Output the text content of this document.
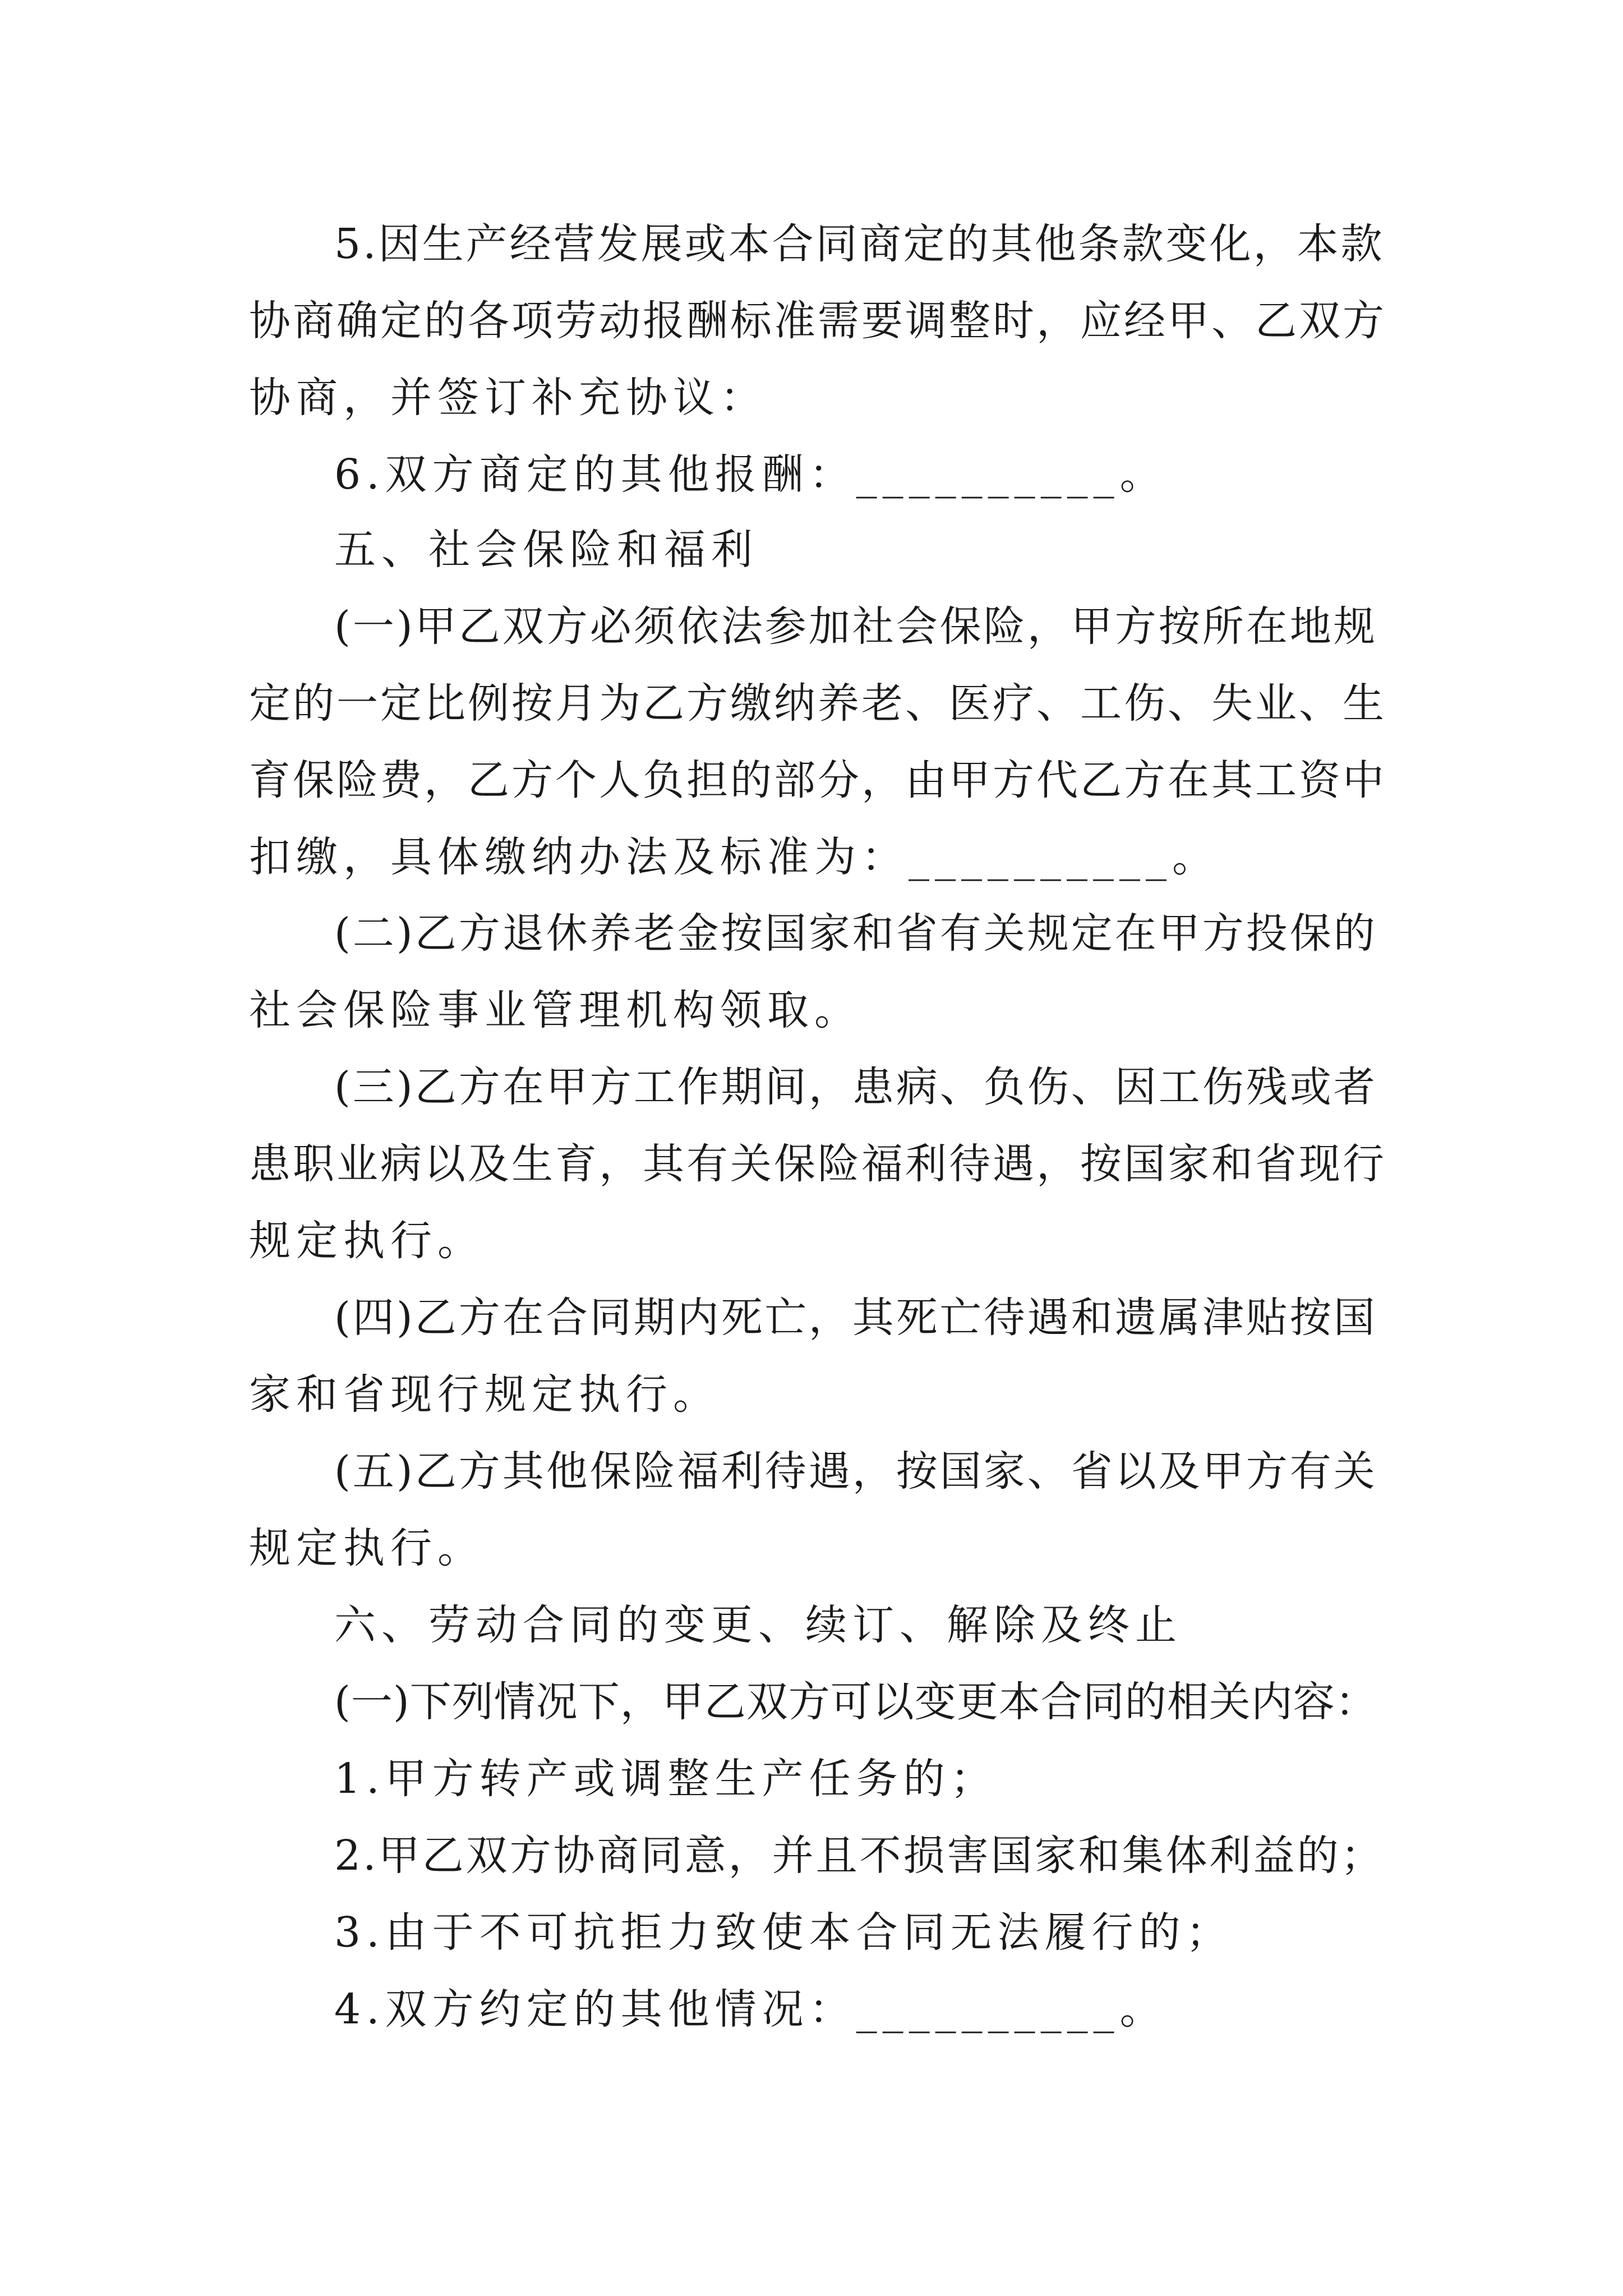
5.因生产经营发展或本合同商定的其他条款变化，本款
协商确定的各项劳动报酬标准需要调整时，应经甲、乙双方
协商，并签订补充协议：
6.双方商定的其他报酬：__________。
五、社会保险和福利
(一)甲乙双方必须依法参加社会保险，甲方按所在地规
定的一定比例按月为乙方缴纳养老、医疗、工伤、失业、生
育保险费，乙方个人负担的部分，由甲方代乙方在其工资中
扣缴，具体缴纳办法及标准为：__________。
(二)乙方退休养老金按国家和省有关规定在甲方投保的
社会保险事业管理机构领取。
(三)乙方在甲方工作期间，患病、负伤、因工伤残或者
患职业病以及生育，其有关保险福利待遇，按国家和省现行
规定执行。
(四)乙方在合同期内死亡，其死亡待遇和遗属津贴按国
家和省现行规定执行。
(五)乙方其他保险福利待遇，按国家、省以及甲方有关
规定执行。
六、劳动合同的变更、续订、解除及终止
(一)下列情况下，甲乙双方可以变更本合同的相关内容：
1.甲方转产或调整生产任务的；
2.甲乙双方协商同意，并且不损害国家和集体利益的；
3.由于不可抗拒力致使本合同无法履行的；
4.双方约定的其他情况：__________。
